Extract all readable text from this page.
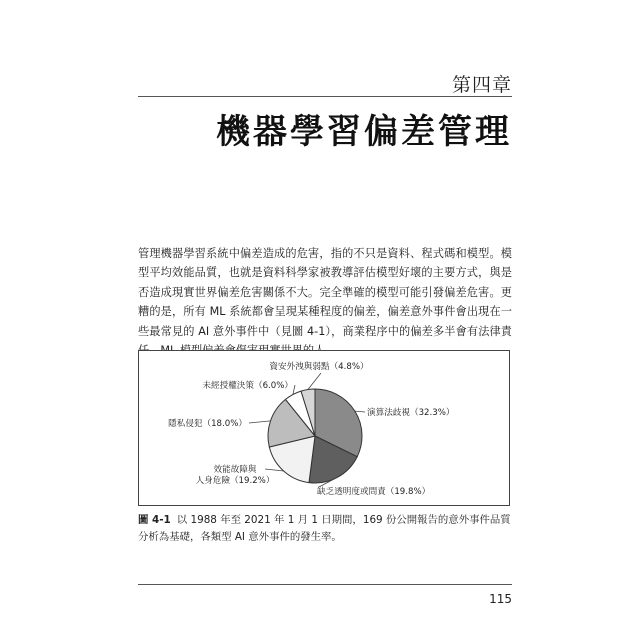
第四章
機器學習偏差管理

管理機器學習系統中偏差造成的危害，指的不只是資料、程式碼和模型。模型平均效能品質，也就是資料科學家被教導評估模型好壞的主要方式，與是否造成現實世界偏差危害關係不大。完全準確的模型可能引發偏差危害。更糟的是，所有 ML 系統都會呈現某種程度的偏差，偏差意外事件會出現在一些最常見的 AI 意外事件中（見圖 4-1），商業程序中的偏差多半會有法律責

演算法歧視（32.3%）
缺乏透明度或問責（19.8%）
效能故障與
人身危險（19.2%）
隱私侵犯（18.0%）
未經授權決策（6.0%）
資安外洩與弱點（4.8%）
圖 4-1 以 1988 年至 2021 年 1 月 1 日期間，169 份公開報告的意外事件品質分析為基礎，各類型 AI 意外事件的發生率。
115
